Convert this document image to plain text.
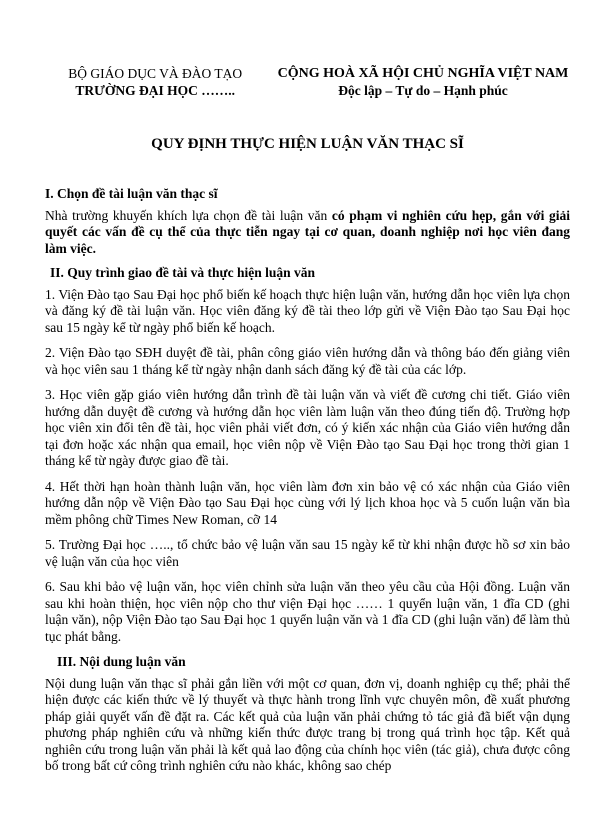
BỘ GIÁO DỤC VÀ ĐÀO TẠO
TRƯỜNG ĐẠI HỌC ……..
CỘNG HOÀ XÃ HỘI CHỦ NGHĨA VIỆT NAM
Độc lập – Tự do – Hạnh phúc
QUY ĐỊNH THỰC HIỆN LUẬN VĂN THẠC SĨ
I. Chọn đề tài luận văn thạc sĩ

Nhà trường khuyến khích lựa chọn đề tài luận văn có phạm vi nghiên cứu hẹp, gắn với giải quyết các vấn đề cụ thể của thực tiễn ngay tại cơ quan, doanh nghiệp nơi học viên đang làm việc.

II. Quy trình giao đề tài và thực hiện luận văn

1. Viện Đào tạo Sau Đại học phổ biến kế hoạch thực hiện luận văn, hướng dẫn học viên lựa chọn và đăng ký đề tài luận văn. Học viên đăng ký đề tài theo lớp gửi về Viện Đào tạo Sau Đại học sau 15 ngày kể từ ngày phổ biến kế hoạch.

2. Viện Đào tạo SĐH duyệt đề tài, phân công giáo viên hướng dẫn và thông báo đến giảng viên và học viên sau 1 tháng kể từ ngày nhận danh sách đăng ký đề tài của các lớp.

3. Học viên gặp giáo viên hướng dẫn trình đề tài luận văn và viết đề cương chi tiết. Giáo viên hướng dẫn duyệt đề cương và hướng dẫn học viên làm luận văn theo đúng tiến độ. Trường hợp học viên xin đổi tên đề tài, học viên phải viết đơn, có ý kiến xác nhận của Giáo viên hướng dẫn tại đơn hoặc xác nhận qua email, học viên nộp về Viện Đào tạo Sau Đại học trong thời gian 1 tháng kể từ ngày được giao đề tài.

4. Hết thời hạn hoàn thành luận văn, học viên làm đơn xin bảo vệ có xác nhận của Giáo viên hướng dẫn nộp về Viện Đào tạo Sau Đại học cùng với lý lịch khoa học và 5 cuốn luận văn bìa mềm phông chữ Times New Roman, cỡ 14

5. Trường Đại học ….., tổ chức bảo vệ luận văn sau 15 ngày kể từ khi nhận được hồ sơ xin bảo vệ luận văn của học viên

6. Sau khi bảo vệ luận văn, học viên chỉnh sửa luận văn theo yêu cầu của Hội đồng. Luận văn sau khi hoàn thiện, học viên nộp cho thư viện Đại học …… 1 quyển luận văn, 1 đĩa CD (ghi luận văn), nộp Viện Đào tạo Sau Đại học 1 quyển luận văn và 1 đĩa CD (ghi luận văn) để làm thủ tục phát bằng.

III. Nội dung luận văn

Nội dung luận văn thạc sĩ phải gắn liền với một cơ quan, đơn vị, doanh nghiệp cụ thể; phải thể hiện được các kiến thức về lý thuyết và thực hành trong lĩnh vực chuyên môn, đề xuất phương pháp giải quyết vấn đề đặt ra. Các kết quả của luận văn phải chứng tỏ tác giả đã biết vận dụng phương pháp nghiên cứu và những kiến thức được trang bị trong quá trình học tập. Kết quả nghiên cứu trong luận văn phải là kết quả lao động của chính học viên (tác giả), chưa được công bố trong bất cứ công trình nghiên cứu nào khác, không sao chép
